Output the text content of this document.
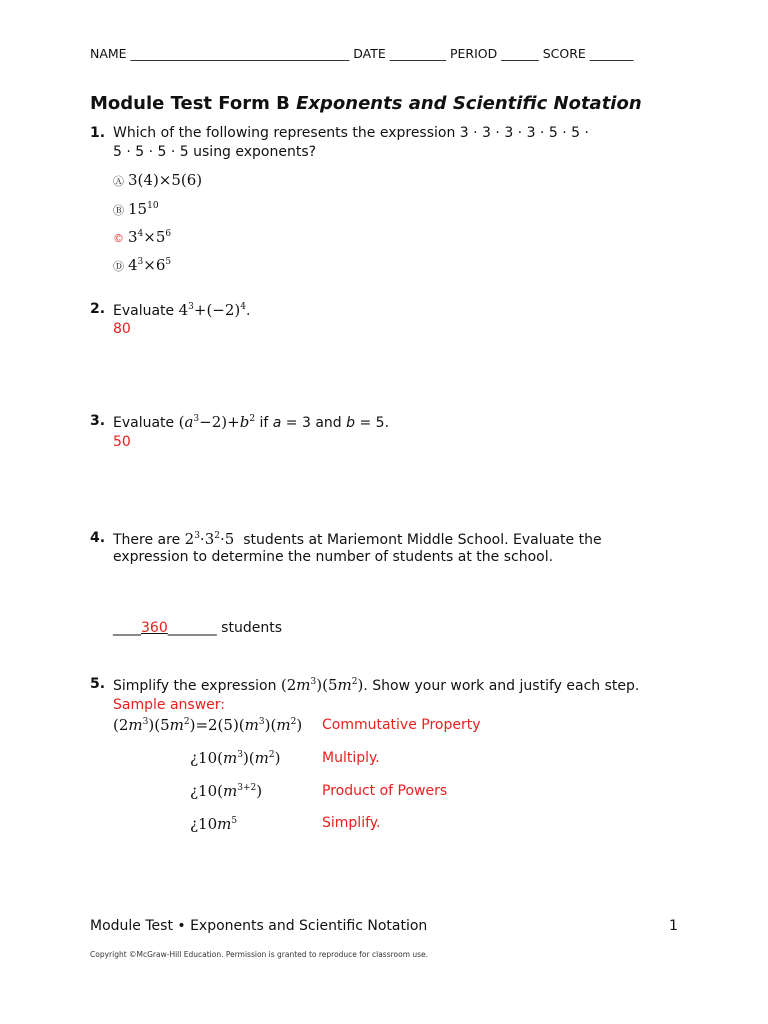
NAME ___________________________________ DATE _________ PERIOD ______ SCORE _______
Module Test Form B Exponents and Scientific Notation
1. Which of the following represents the expression 3 · 3 · 3 · 3 · 5 · 5 ·
5 · 5 · 5 · 5 using exponents?
Ⓐ 3(4)×5(6)
Ⓑ $15^{10}$
© $3^4\times 5^6$
Ⓓ $4^3\times 6^5$
2. Evaluate $4^3+(-2)^4$.
80
3. Evaluate $(a^3-2)+b^2$ if a = 3 and b = 5.
50
4. There are $2^3\cdot 3^2\cdot 5$  students at Mariemont Middle School. Evaluate the
expression to determine the number of students at the school.
____360_______ students
5. Simplify the expression $(2m^3)(5m^2)$. Show your work and justify each step.
Sample answer:
$(2m^3)(5m^2)=2(5)(m^3)(m^2)$ Commutative Property
¿$10(m^3)(m^2)$	Multiply.
¿$10(m^{3+2})$	Product of Powers
¿$10m^5$	Simplify.
Module Test • Exponents and Scientific Notation	1
Copyright ©McGraw-Hill Education. Permission is granted to reproduce for classroom use.
